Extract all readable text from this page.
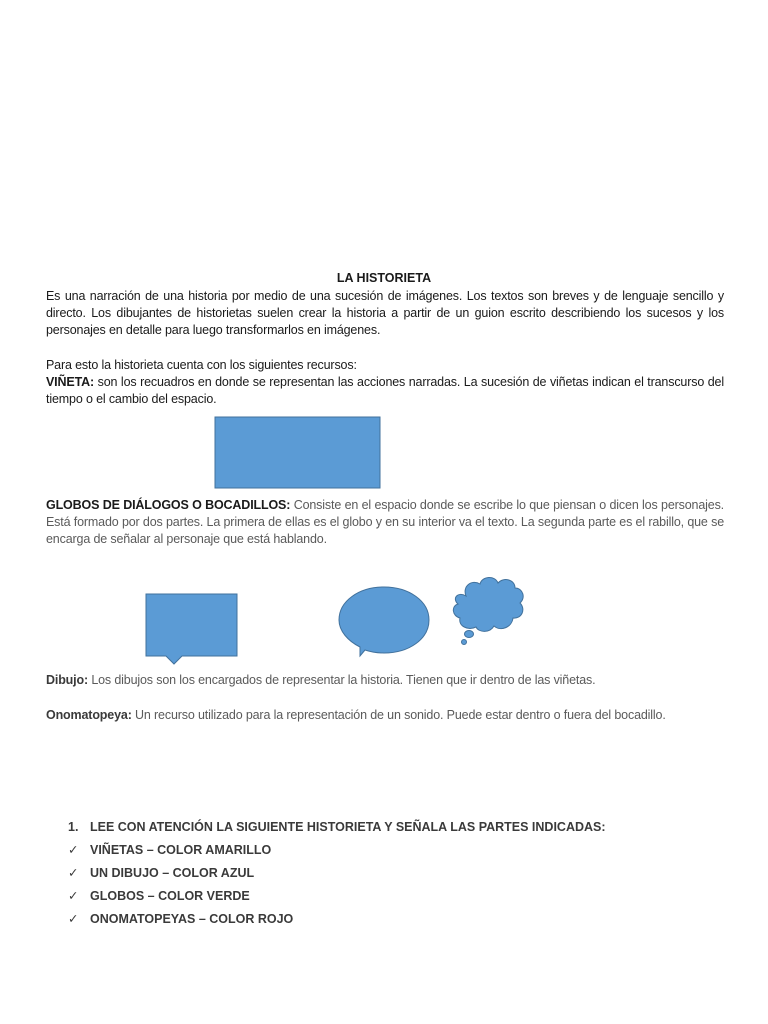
LA HISTORIETA
Es una narración de una historia por medio de una sucesión de imágenes. Los textos son breves y de lenguaje sencillo y directo. Los dibujantes de historietas suelen crear la historia a partir de un guion escrito describiendo los sucesos y los personajes en detalle para luego transformarlos en imágenes.
Para esto la historieta cuenta con los siguientes recursos:
VIÑETA: son los recuadros en donde se representan las acciones narradas. La sucesión de viñetas indican el transcurso del tiempo o el cambio del espacio.
GLOBOS DE DIÁLOGOS O BOCADILLOS: Consiste en el espacio donde se escribe lo que piensan o dicen los personajes. Está formado por dos partes. La primera de ellas es el globo y en su interior va el texto. La segunda parte es el rabillo, que se encarga de señalar al personaje que está hablando.
Dibujo: Los dibujos son los encargados de representar la historia. Tienen que ir dentro de las viñetas.
Onomatopeya: Un recurso utilizado para la representación de un sonido. Puede estar dentro o fuera del bocadillo.
1. LEE CON ATENCIÓN LA SIGUIENTE HISTORIETA Y SEÑALA LAS PARTES INDICADAS:
✓ VIÑETAS – COLOR AMARILLO
✓ UN DIBUJO – COLOR AZUL
✓ GLOBOS – COLOR VERDE
✓ ONOMATOPEYAS – COLOR ROJO
